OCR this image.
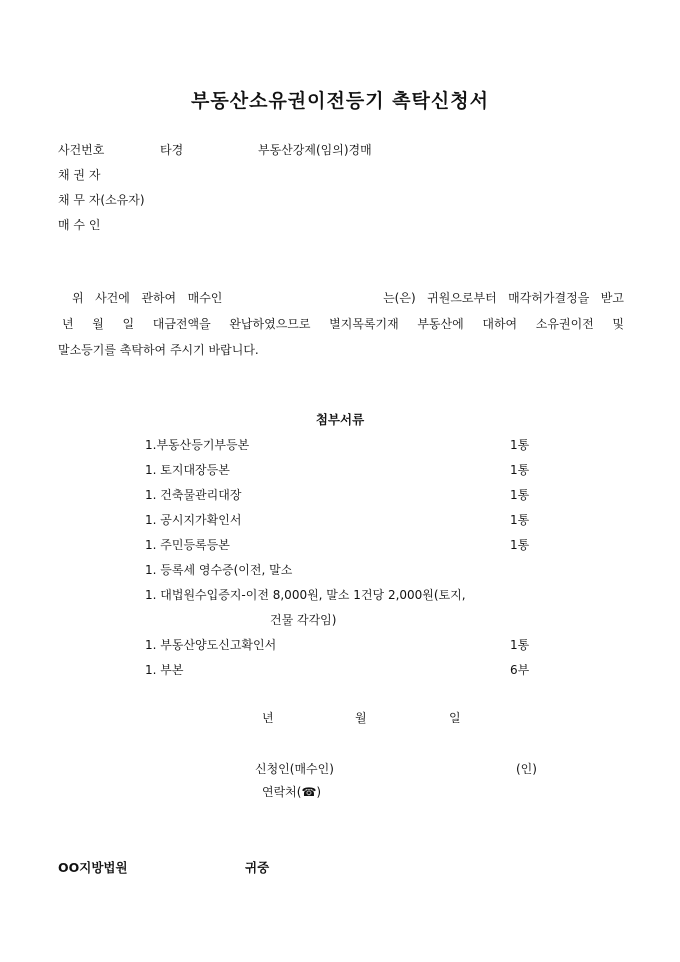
부동산소유권이전등기 촉탁신청서
사건번호	타경	부동산강제(임의)경매
채 권 자
채 무 자(소유자)
매 수 인
위 사건에 관하여 매수인 　　　　　　　 는(은) 귀원으로부터 매각허가결정을 받고
년 월 일 대금전액을 완납하였으므로 별지목록기재 부동산에 대하여 소유권이전 및
말소등기를 촉탁하여 주시기 바랍니다.
첨부서류
1.부동산등기부등본	1통
1. 토지대장등본	1통
1. 건축물관리대장	1통
1. 공시지가확인서	1통
1. 주민등록등본	1통
1. 등록세 영수증(이전, 말소
1. 대법원수입증지-이전 8,000원, 말소 1건당 2,000원(토지,
건물 각각임)
1. 부동산양도신고확인서	1통
1. 부본	6부
년	월	일
신청인(매수인)	(인)
연락처(☎)
OO지방법원	귀중
